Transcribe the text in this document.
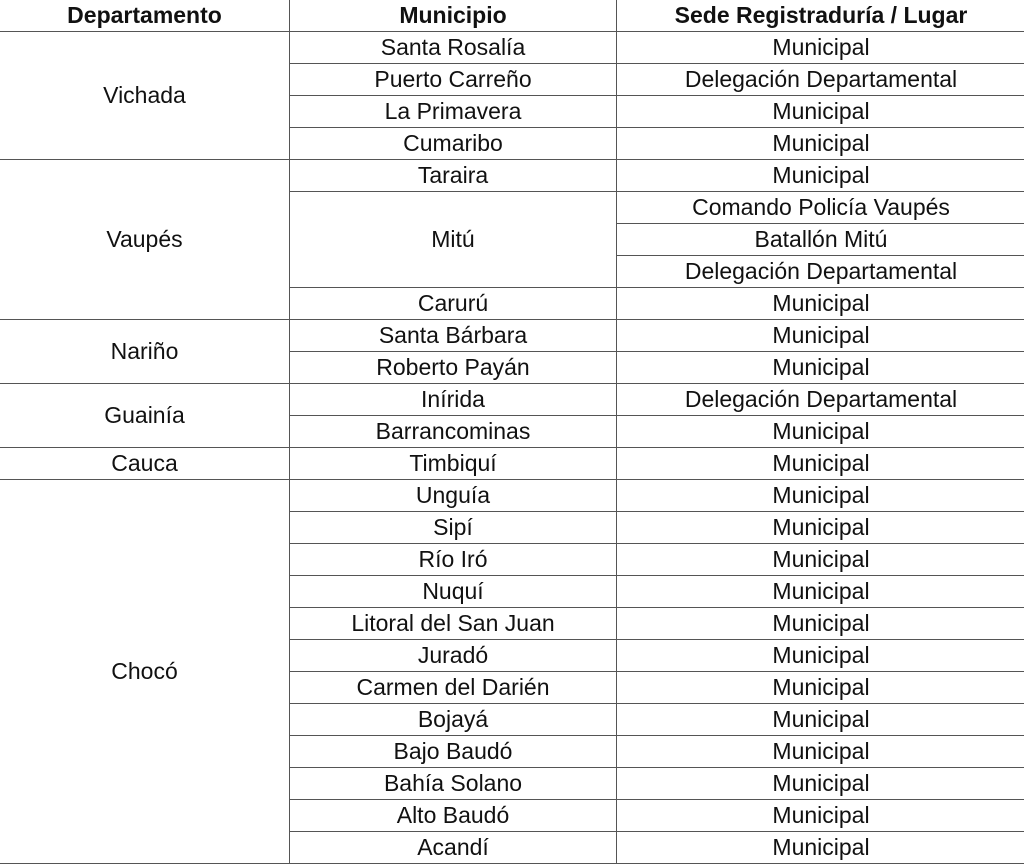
Departamento	Municipio	Sede Registraduría / Lugar
Vichada	Santa Rosalía	Municipal
	Puerto Carreño	Delegación Departamental
	La Primavera	Municipal
	Cumaribo	Municipal
Vaupés	Taraira	Municipal
	Mitú	Comando Policía Vaupés
		Batallón Mitú
		Delegación Departamental
	Carurú	Municipal
Nariño	Santa Bárbara	Municipal
	Roberto Payán	Municipal
Guainía	Inírida	Delegación Departamental
	Barrancominas	Municipal
Cauca	Timbiquí	Municipal
Chocó	Unguía	Municipal
	Sipí	Municipal
	Río Iró	Municipal
	Nuquí	Municipal
	Litoral del San Juan	Municipal
	Juradó	Municipal
	Carmen del Darién	Municipal
	Bojayá	Municipal
	Bajo Baudó	Municipal
	Bahía Solano	Municipal
	Alto Baudó	Municipal
	Acandí	Municipal
